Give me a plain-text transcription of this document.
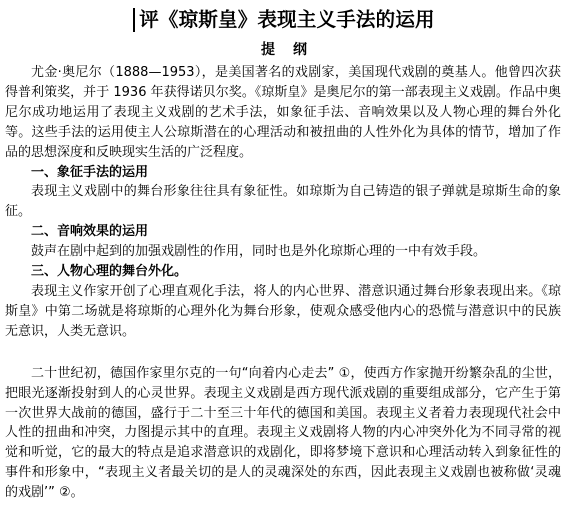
评《琼斯皇》表现主义手法的运用
提纲

尤金·奥尼尔（1888—1953），是美国著名的戏剧家，美国现代戏剧的奠基人。他曾四次获得普利策奖，并于 1936 年获得诺贝尔奖。《琼斯皇》是奥尼尔的第一部表现主义戏剧。作品中奥尼尔成功地运用了表现主义戏剧的艺术手法，如象征手法、音响效果以及人物心理的舞台外化等。这些手法的运用使主人公琼斯潜在的心理活动和被扭曲的人性外化为具体的情节，增加了作品的思想深度和反映现实生活的广泛程度。

一、象征手法的运用

表现主义戏剧中的舞台形象往往具有象征性。如琼斯为自己铸造的银子弹就是琼斯生命的象征。

二、音响效果的运用

鼓声在剧中起到的加强戏剧性的作用，同时也是外化琼斯心理的一中有效手段。

三、人物心理的舞台外化。

表现主义作家开创了心理直观化手法，将人的内心世界、潜意识通过舞台形象表现出来。《琼斯皇》中第二场就是将琼斯的心理外化为舞台形象，使观众感受他内心的恐慌与潜意识中的民族无意识，人类无意识。

二十世纪初，德国作家里尔克的一句“向着内心走去” ①，使西方作家抛开纷繁杂乱的尘世，把眼光逐渐投射到人的心灵世界。表现主义戏剧是西方现代派戏剧的重要组成部分，它产生于第一次世界大战前的德国，盛行于二十至三十年代的德国和美国。表现主义者着力表现现代社会中人性的扭曲和冲突，力图提示其中的直理。表现主义戏剧将人物的内心冲突外化为不同寻常的视觉和听觉，它的最大的特点是追求潜意识的戏剧化，即将梦境下意识和心理活动转入到象征性的事件和形象中，“表现主义者最关切的是人的灵魂深处的东西，因此表现主义戏剧也被称做‘灵魂的戏剧’” ②。
